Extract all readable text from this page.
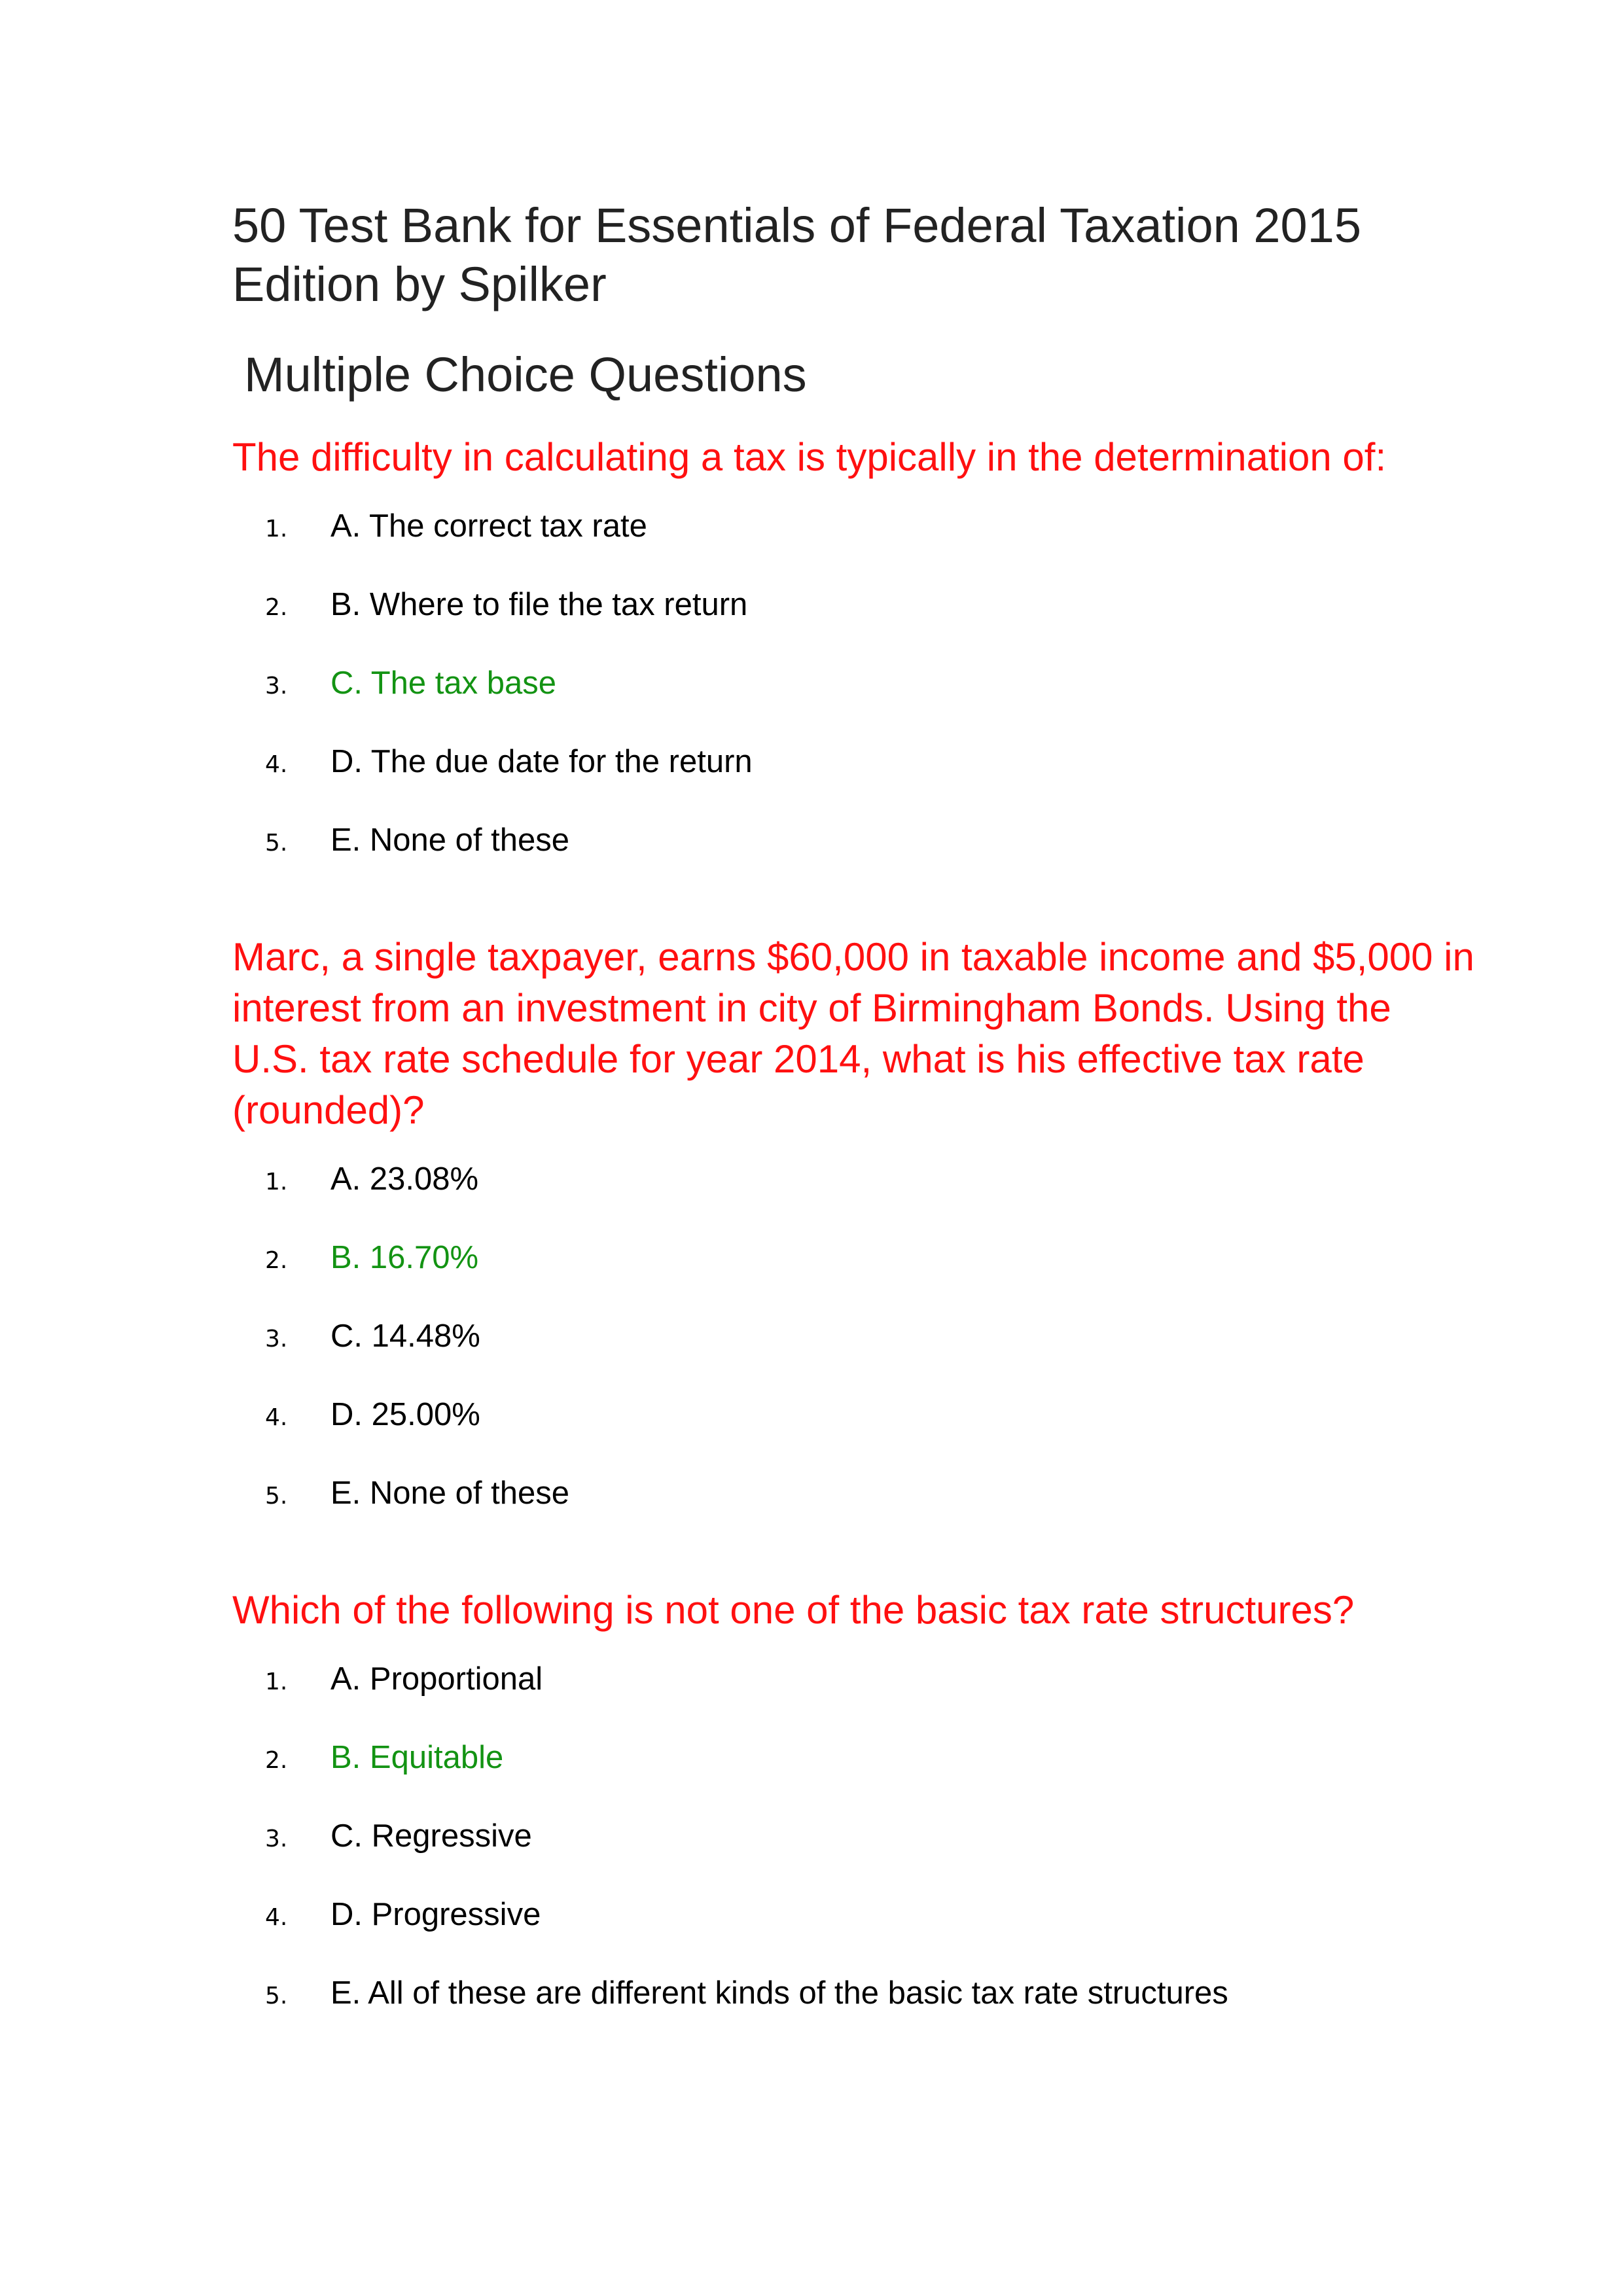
50 Test Bank for Essentials of Federal Taxation 2015 Edition by Spilker
Multiple Choice Questions

The difficulty in calculating a tax is typically in the determination of:

1.	A. The correct tax rate
2.	B. Where to file the tax return
3.	C. The tax base
4.	D. The due date for the return
5.	E. None of these

Marc, a single taxpayer, earns $60,000 in taxable income and $5,000 in interest from an investment in city of Birmingham Bonds. Using the U.S. tax rate schedule for year 2014, what is his effective tax rate (rounded)?

1.	A. 23.08%
2.	B. 16.70%
3.	C. 14.48%
4.	D. 25.00%
5.	E. None of these

Which of the following is not one of the basic tax rate structures?

1.	A. Proportional
2.	B. Equitable
3.	C. Regressive
4.	D. Progressive
5.	E. All of these are different kinds of the basic tax rate structures
